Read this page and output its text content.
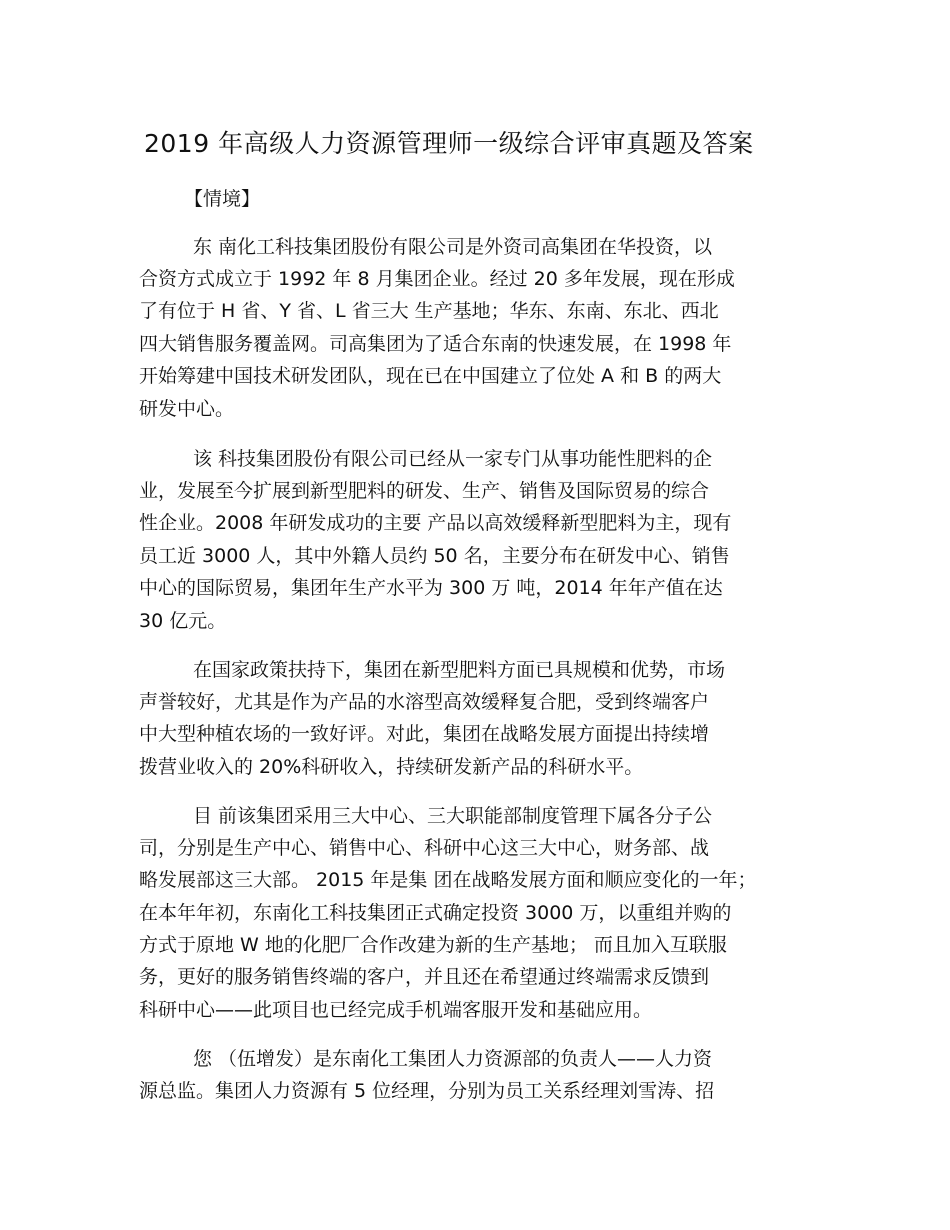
2019 年高级人力资源管理师一级综合评审真题及答案
【情境】
东 南化工科技集团股份有限公司是外资司高集团在华投资，以
合资方式成立于 1992 年 8 月集团企业。经过 20 多年发展，现在形成
了有位于 H 省、Y 省、L 省三大 生产基地；华东、东南、东北、西北
四大销售服务覆盖网。司高集团为了适合东南的快速发展，在 1998 年
开始筹建中国技术研发团队，现在已在中国建立了位处 A 和 B 的两大
研发中心。
该 科技集团股份有限公司已经从一家专门从事功能性肥料的企
业，发展至今扩展到新型肥料的研发、生产、销售及国际贸易的综合
性企业。2008 年研发成功的主要 产品以高效缓释新型肥料为主，现有
员工近 3000 人，其中外籍人员约 50 名，主要分布在研发中心、销售
中心的国际贸易，集团年生产水平为 300 万 吨，2014 年年产值在达
30 亿元。
在国家政策扶持下，集团在新型肥料方面已具规模和优势，市场
声誉较好，尤其是作为产品的水溶型高效缓释复合肥，受到终端客户
中大型种植农场的一致好评。对此，集团在战略发展方面提出持续增
拨营业收入的 20%科研收入，持续研发新产品的科研水平。
目 前该集团采用三大中心、三大职能部制度管理下属各分子公
司，分别是生产中心、销售中心、科研中心这三大中心，财务部、战
略发展部这三大部。 2015 年是集 团在战略发展方面和顺应变化的一年；
在本年年初，东南化工科技集团正式确定投资 3000 万，以重组并购的
方式于原地 W 地的化肥厂合作改建为新的生产基地； 而且加入互联服
务，更好的服务销售终端的客户，并且还在希望通过终端需求反馈到
科研中心——此项目也已经完成手机端客服开发和基础应用。
您 （伍增发）是东南化工集团人力资源部的负责人——人力资
源总监。集团人力资源有 5 位经理，分别为员工关系经理刘雪涛、招
